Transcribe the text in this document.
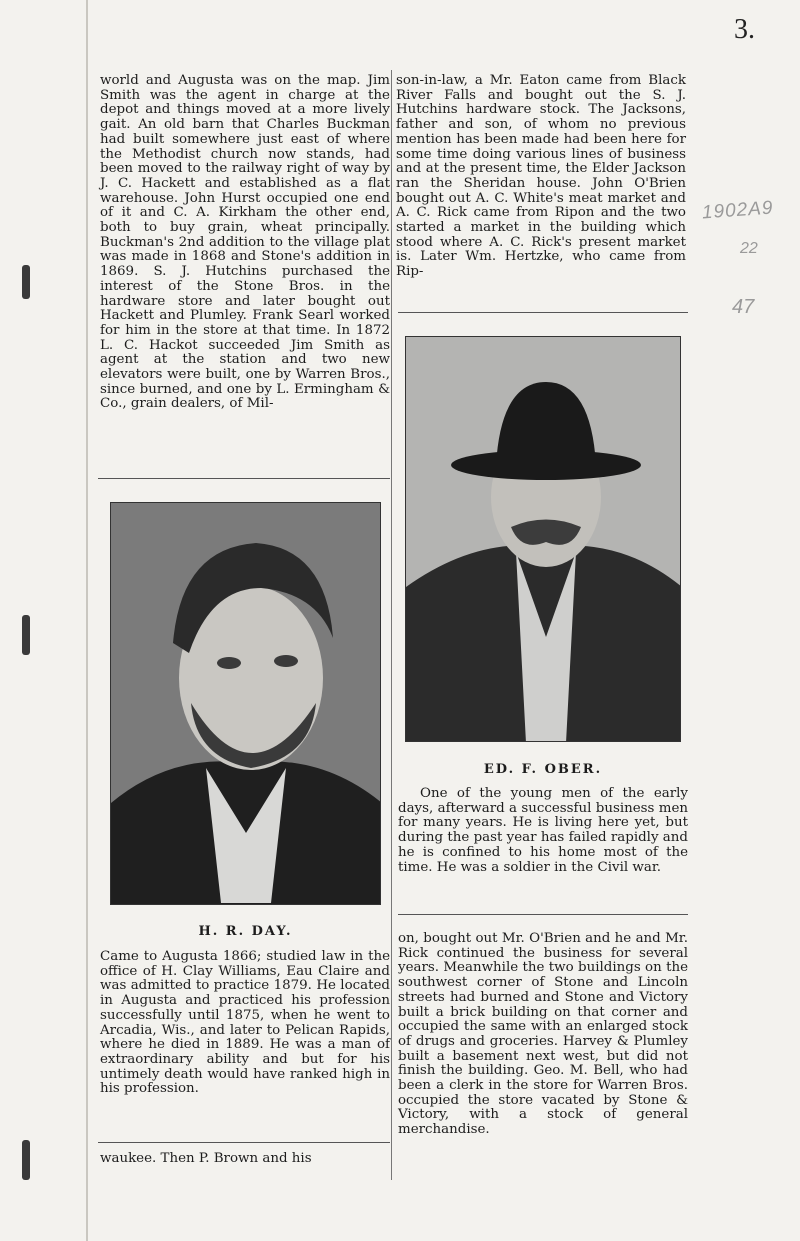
3.
1902A9
22
47

world and Augusta was on the map. Jim Smith was the agent in charge at the depot and things moved at a more lively gait. An old barn that Charles Buckman had built somewhere just east of where the Methodist church now stands, had been moved to the railway right of way by J. C. Hackett and established as a flat warehouse. John Hurst occupied one end of it and C. A. Kirkham the other end, both to buy grain, wheat principally. Buckman's 2nd addition to the village plat was made in 1868 and Stone's addition in 1869. S. J. Hutchins purchased the interest of the Stone Bros. in the hardware store and later bought out Hackett and Plumley. Frank Searl worked for him in the store at that time. In 1872 L. C. Hackot succeeded Jim Smith as agent at the station and two new elevators were built, one by Warren Bros., since burned, and one by L. Ermingham & Co., grain dealers, of Mil-

son-in-law, a Mr. Eaton came from Black River Falls and bought out the S. J. Hutchins hardware stock. The Jacksons, father and son, of whom no previous mention has been made had been here for some time doing various lines of business and at the present time, the Elder Jackson ran the Sheridan house. John O'Brien bought out A. C. White's meat market and A. C. Rick came from Ripon and the two started a market in the building which stood where A. C. Rick's present market is. Later Wm. Hertzke, who came from Rip-

H. R. DAY.
ED. F. OBER.

Came to Augusta 1866; studied law in the office of H. Clay Williams, Eau Claire and was admitted to practice 1879. He located in Augusta and practiced his profession successfully until 1875, when he went to Arcadia, Wis., and later to Pelican Rapids, where he died in 1889. He was a man of extraordinary ability and but for his untimely death would have ranked high in his profession.

One of the young men of the early days, afterward a successful business men for many years. He is living here yet, but during the past year has failed rapidly and he is confined to his home most of the time. He was a soldier in the Civil war.

on, bought out Mr. O'Brien and he and Mr. Rick continued the business for several years. Meanwhile the two buildings on the southwest corner of Stone and Lincoln streets had burned and Stone and Victory built a brick building on that corner and occupied the same with an enlarged stock of drugs and groceries. Harvey & Plumley built a basement next west, but did not finish the building. Geo. M. Bell, who had been a clerk in the store for Warren Bros. occupied the store vacated by Stone & Victory, with a stock of general merchandise.

waukee. Then P. Brown and his
